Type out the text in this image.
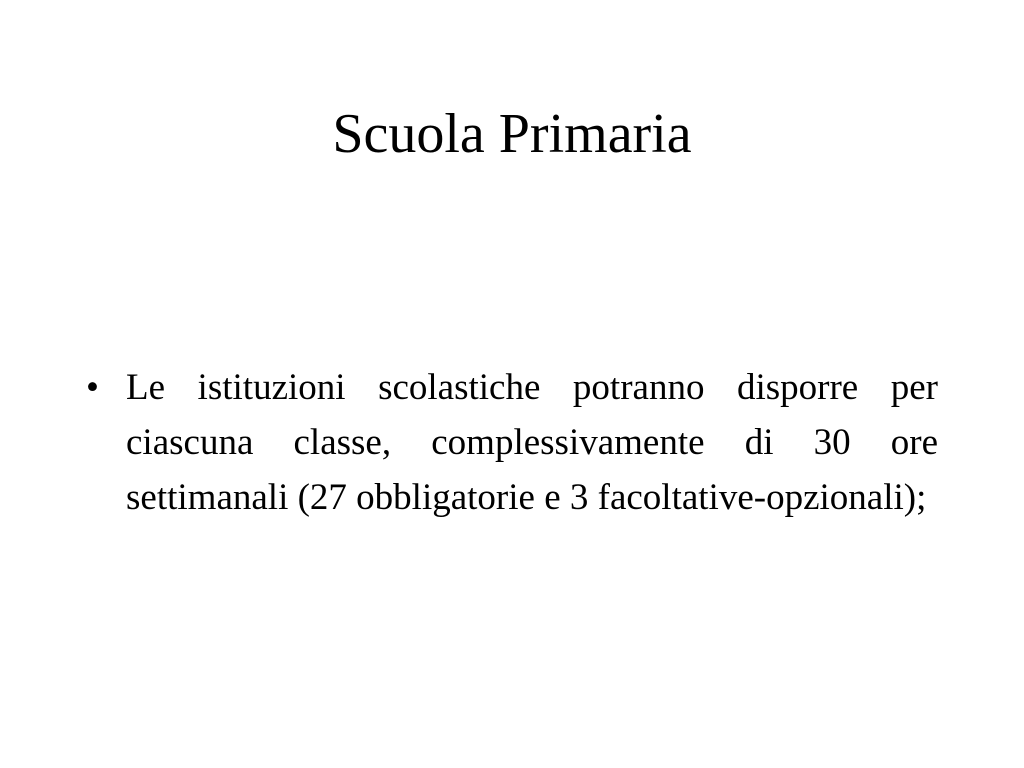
Scuola Primaria
• Le istituzioni scolastiche potranno disporre per ciascuna classe, complessivamente di 30 ore settimanali (27 obbligatorie e 3 facoltative-opzionali);
